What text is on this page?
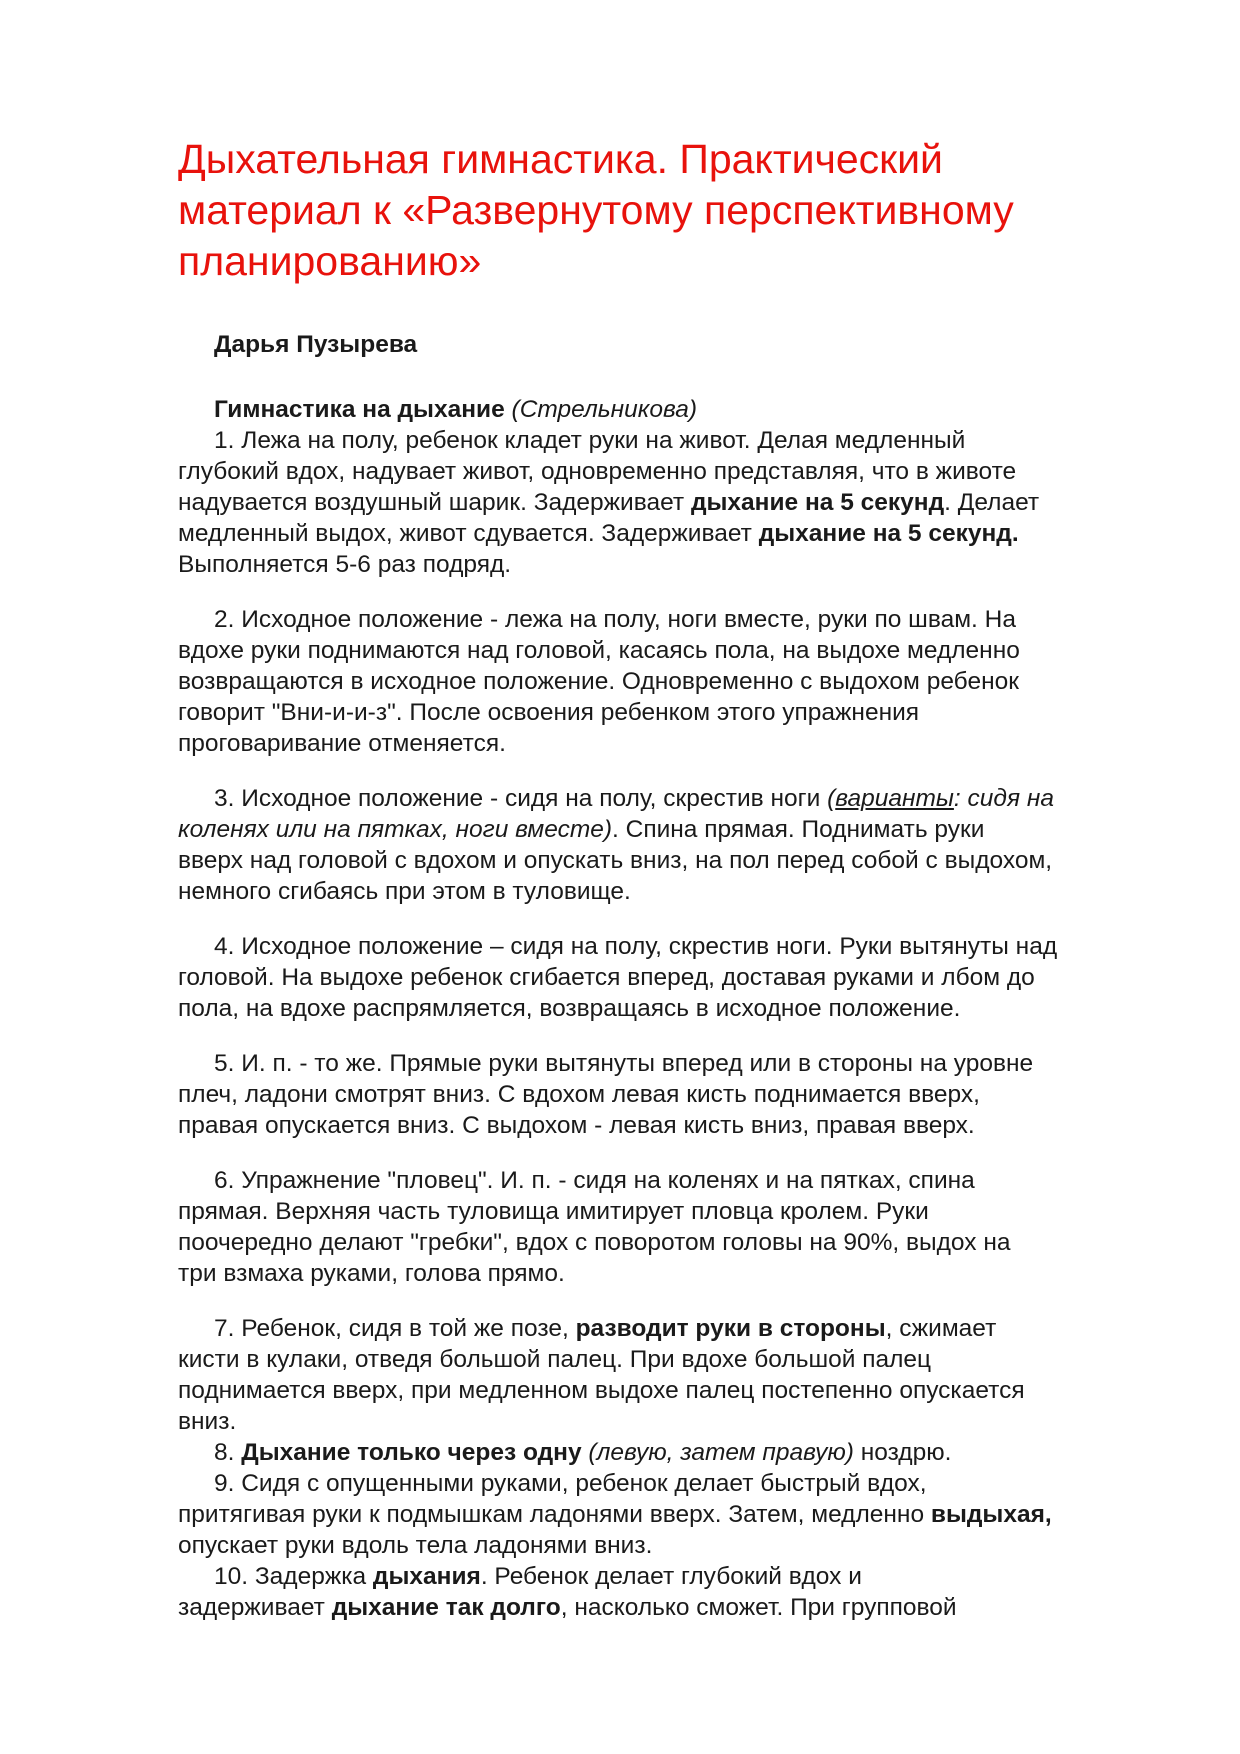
Дыхательная гимнастика. Практический
материал к «Развернутому перспективному
планированию»
Дарья Пузырева
Гимнастика на дыхание (Стрельникова)
1. Лежа на полу, ребенок кладет руки на живот. Делая медленный
глубокий вдох, надувает живот, одновременно представляя, что в животе
надувается воздушный шарик. Задерживает дыхание на 5 секунд. Делает
медленный выдох, живот сдувается. Задерживает дыхание на 5 секунд.
Выполняется 5-6 раз подряд.
2. Исходное положение - лежа на полу, ноги вместе, руки по швам. На
вдохе руки поднимаются над головой, касаясь пола, на выдохе медленно
возвращаются в исходное положение. Одновременно с выдохом ребенок
говорит "Вни-и-и-з". После освоения ребенком этого упражнения
проговаривание отменяется.
3. Исходное положение - сидя на полу, скрестив ноги (варианты: сидя на
коленях или на пятках, ноги вместе). Спина прямая. Поднимать руки
вверх над головой с вдохом и опускать вниз, на пол перед собой с выдохом,
немного сгибаясь при этом в туловище.
4. Исходное положение – сидя на полу, скрестив ноги. Руки вытянуты над
головой. На выдохе ребенок сгибается вперед, доставая руками и лбом до
пола, на вдохе распрямляется, возвращаясь в исходное положение.
5. И. п. - то же. Прямые руки вытянуты вперед или в стороны на уровне
плеч, ладони смотрят вниз. С вдохом левая кисть поднимается вверх,
правая опускается вниз. С выдохом - левая кисть вниз, правая вверх.
6. Упражнение "пловец". И. п. - сидя на коленях и на пятках, спина
прямая. Верхняя часть туловища имитирует пловца кролем. Руки
поочередно делают "гребки", вдох с поворотом головы на 90%, выдох на
три взмаха руками, голова прямо.
7. Ребенок, сидя в той же позе, разводит руки в стороны, сжимает
кисти в кулаки, отведя большой палец. При вдохе большой палец
поднимается вверх, при медленном выдохе палец постепенно опускается
вниз.
8. Дыхание только через одну (левую, затем правую) ноздрю.
9. Сидя с опущенными руками, ребенок делает быстрый вдох,
притягивая руки к подмышкам ладонями вверх. Затем, медленно выдыхая,
опускает руки вдоль тела ладонями вниз.
10. Задержка дыхания. Ребенок делает глубокий вдох и
задерживает дыхание так долго, насколько сможет. При групповой
